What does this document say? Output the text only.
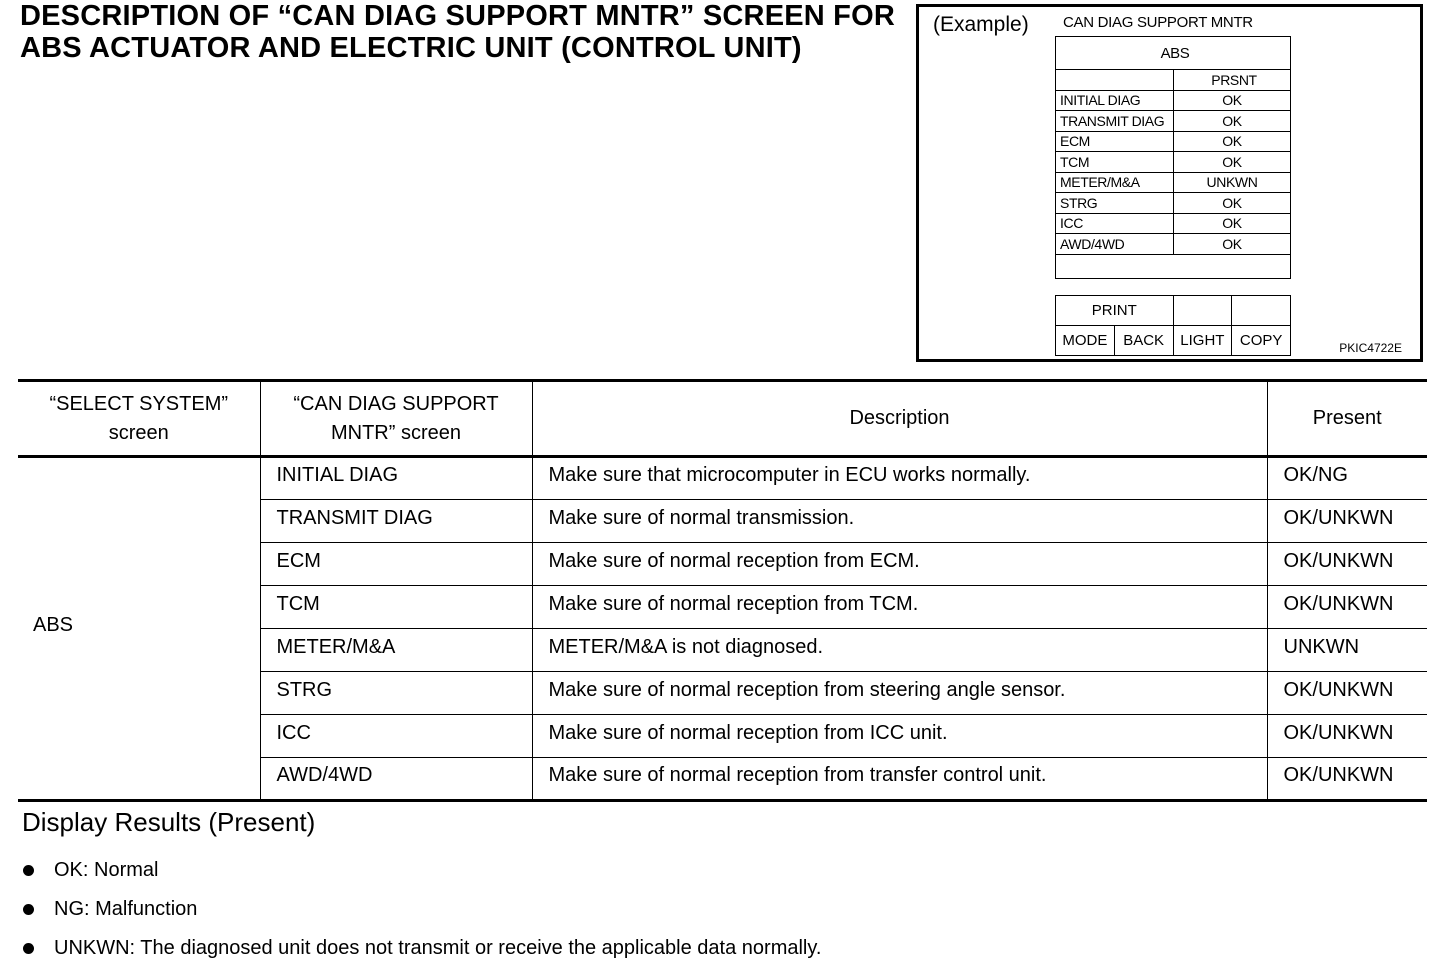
DESCRIPTION OF “CAN DIAG SUPPORT MNTR” SCREEN FOR ABS ACTUATOR AND ELECTRIC UNIT (CONTROL UNIT)
(Example) CAN DIAG SUPPORT MNTR
ABS	
	PRSNT
INITIAL DIAG	OK
TRANSMIT DIAG	OK
ECM	OK
TCM	OK
METER/M&A	UNKWN
STRG	OK
ICC	OK
AWD/4WD	OK

PRINT			
MODE	BACK	LIGHT	COPY	PKIC4722E
“SELECT SYSTEM”
screen	“CAN DIAG SUPPORT
MNTR” screen	Description	Present
ABS	INITIAL DIAG	Make sure that microcomputer in ECU works normally.	OK/NG
	TRANSMIT DIAG	Make sure of normal transmission.	OK/UNKWN
	ECM	Make sure of normal reception from ECM.	OK/UNKWN
	TCM	Make sure of normal reception from TCM.	OK/UNKWN
	METER/M&A	METER/M&A is not diagnosed.	UNKWN
	STRG	Make sure of normal reception from steering angle sensor.	OK/UNKWN
	ICC	Make sure of normal reception from ICC unit.	OK/UNKWN
	AWD/4WD	Make sure of normal reception from transfer control unit.	OK/UNKWN
Display Results (Present)
OK: Normal
NG: Malfunction
UNKWN: The diagnosed unit does not transmit or receive the applicable data normally.
